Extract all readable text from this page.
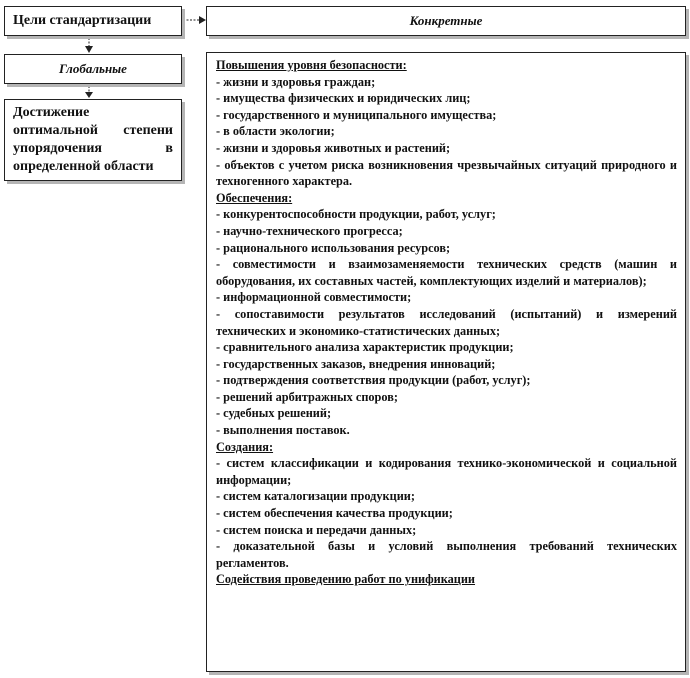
Цели стандартизации	Конкретные
Глобальные
Достижение
оптимальной степени
упорядочения в
определенной области
Повышения уровня безопасности:
- жизни и здоровья граждан;
- имущества физических и юридических лиц;
- государственного и муниципального имущества;
- в области экологии;
- жизни и здоровья животных и растений;
- объектов с учетом риска возникновения чрезвычайных ситуаций природного и техногенного характера.
Обеспечения:
- конкурентоспособности продукции, работ, услуг;
- научно-технического прогресса;
- рационального использования ресурсов;
- совместимости и взаимозаменяемости технических средств (машин и оборудования, их составных частей, комплектующих изделий и материалов);
- информационной совместимости;
- сопоставимости результатов исследований (испытаний) и измерений технических и экономико-статистических данных;
- сравнительного анализа характеристик продукции;
- государственных заказов, внедрения инноваций;
- подтверждения соответствия продукции (работ, услуг);
- решений арбитражных споров;
- судебных решений;
- выполнения поставок.
Создания:
- систем классификации и кодирования технико-экономической и социальной информации;
- систем каталогизации продукции;
- систем обеспечения качества продукции;
- систем поиска и передачи данных;
- доказательной базы и условий выполнения требований технических регламентов.
Содействия проведению работ по унификации
